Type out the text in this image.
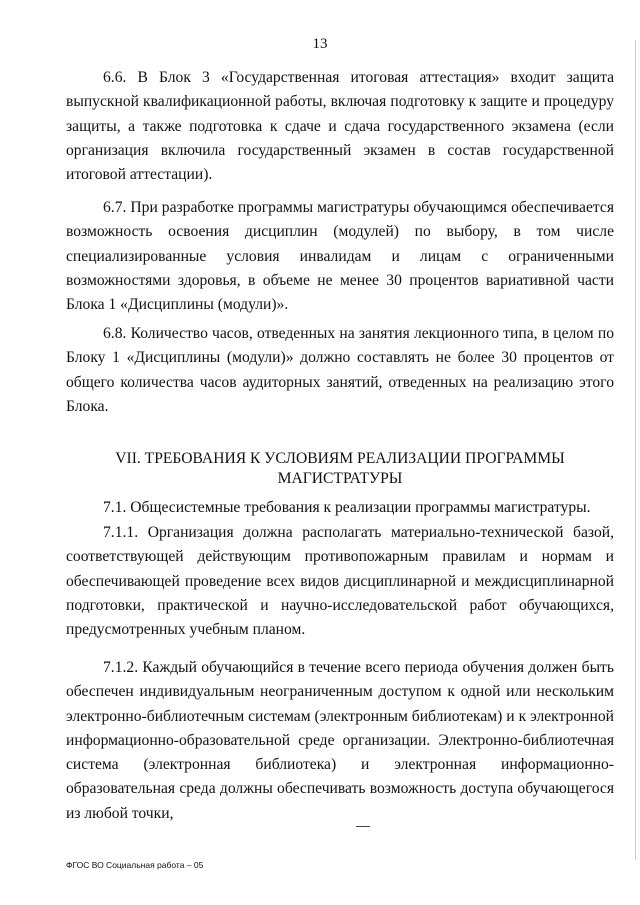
13

6.6. В Блок 3 «Государственная итоговая аттестация» входит защита выпускной квалификационной работы, включая подготовку к защите и процедуру защиты, а также подготовка к сдаче и сдача государственного экзамена (если организация включила государственный экзамен в состав государственной итоговой аттестации).

6.7. При разработке программы магистратуры обучающимся обеспечивается возможность освоения дисциплин (модулей) по выбору, в том числе специализированные условия инвалидам и лицам с ограниченными возможностями здоровья, в объеме не менее 30 процентов вариативной части Блока 1 «Дисциплины (модули)».

6.8. Количество часов, отведенных на занятия лекционного типа, в целом по Блоку 1 «Дисциплины (модули)» должно составлять не более 30 процентов от общего количества часов аудиторных занятий, отведенных на реализацию этого Блока.

VII. ТРЕБОВАНИЯ К УСЛОВИЯМ РЕАЛИЗАЦИИ ПРОГРАММЫ
МАГИСТРАТУРЫ

7.1. Общесистемные требования к реализации программы магистратуры.

7.1.1. Организация должна располагать материально-технической базой, соответствующей действующим противопожарным правилам и нормам и обеспечивающей проведение всех видов дисциплинарной и междисциплинарной подготовки, практической и научно-исследовательской работ обучающихся, предусмотренных учебным планом.

7.1.2. Каждый обучающийся в течение всего периода обучения должен быть обеспечен индивидуальным неограниченным доступом к одной или нескольким электронно-библиотечным системам (электронным библиотекам) и к электронной информационно-образовательной среде организации. Электронно-библиотечная система (электронная библиотека) и электронная информационно-образовательная среда должны обеспечивать возможность доступа обучающегося из любой точки,

ФГОС ВО Социальная работа – 05
